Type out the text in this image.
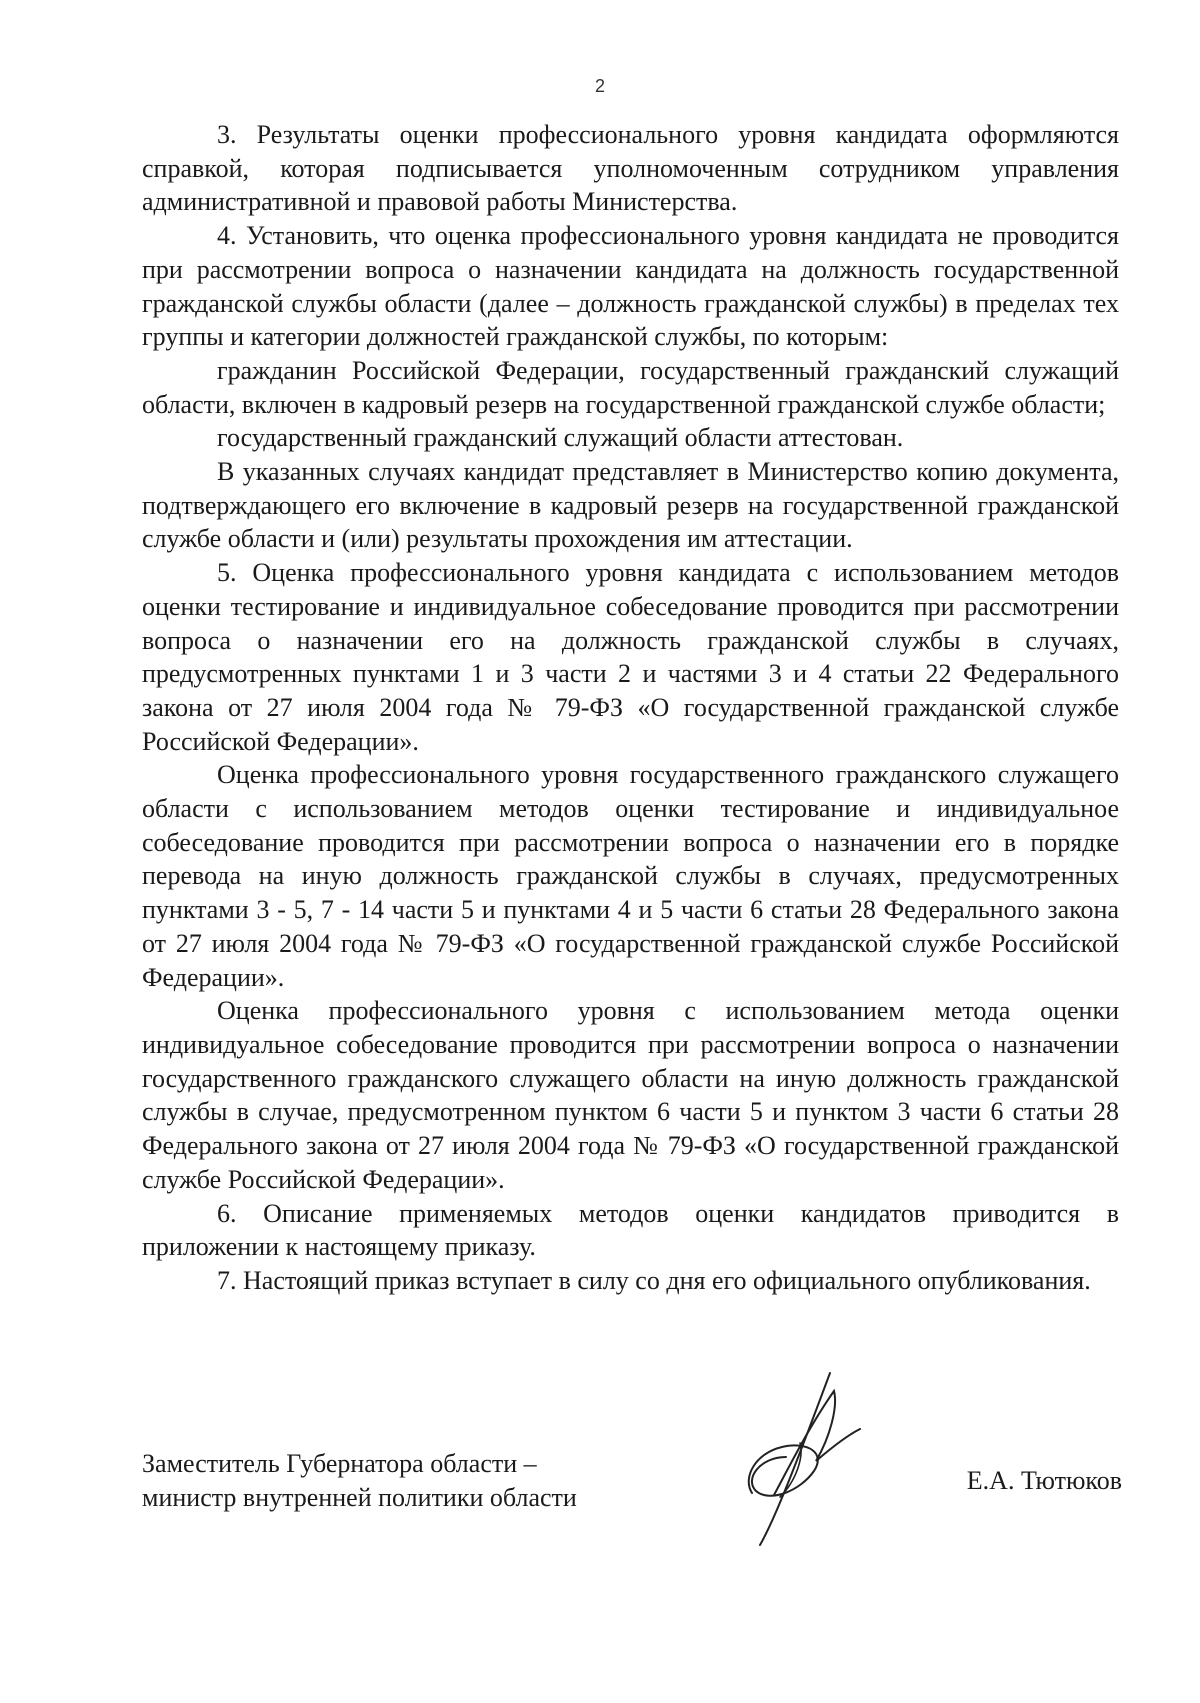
2

3. Результаты оценки профессионального уровня кандидата оформляются справкой, которая подписывается уполномоченным сотрудником управления административной и правовой работы Министерства.

4. Установить, что оценка профессионального уровня кандидата не проводится при рассмотрении вопроса о назначении кандидата на должность государственной гражданской службы области (далее – должность гражданской службы) в пределах тех группы и категории должностей гражданской службы, по которым:

гражданин Российской Федерации, государственный гражданский служащий области, включен в кадровый резерв на государственной гражданской службе области;

государственный гражданский служащий области аттестован.

В указанных случаях кандидат представляет в Министерство копию документа, подтверждающего его включение в кадровый резерв на государственной гражданской службе области и (или) результаты прохождения им аттестации.

5. Оценка профессионального уровня кандидата с использованием методов оценки тестирование и индивидуальное собеседование проводится при рассмотрении вопроса о назначении его на должность гражданской службы в случаях, предусмотренных пунктами 1 и 3 части 2 и частями 3 и 4 статьи 22 Федерального закона от 27 июля 2004 года № 79-ФЗ «О государственной гражданской службе Российской Федерации».

Оценка профессионального уровня государственного гражданского служащего области с использованием методов оценки тестирование и индивидуальное собеседование проводится при рассмотрении вопроса о назначении его в порядке перевода на иную должность гражданской службы в случаях, предусмотренных пунктами 3 - 5, 7 - 14 части 5 и пунктами 4 и 5 части 6 статьи 28 Федерального закона от 27 июля 2004 года № 79-ФЗ «О государственной гражданской службе Российской Федерации».

Оценка профессионального уровня с использованием метода оценки индивидуальное собеседование проводится при рассмотрении вопроса о назначении государственного гражданского служащего области на иную должность гражданской службы в случае, предусмотренном пунктом 6 части 5 и пунктом 3 части 6 статьи 28 Федерального закона от 27 июля 2004 года № 79-ФЗ «О государственной гражданской службе Российской Федерации».

6. Описание применяемых методов оценки кандидатов приводится в приложении к настоящему приказу.

7. Настоящий приказ вступает в силу со дня его официального опубликования.

Заместитель Губернатора области –
министр внутренней политики области
Е.А. Тютюков
